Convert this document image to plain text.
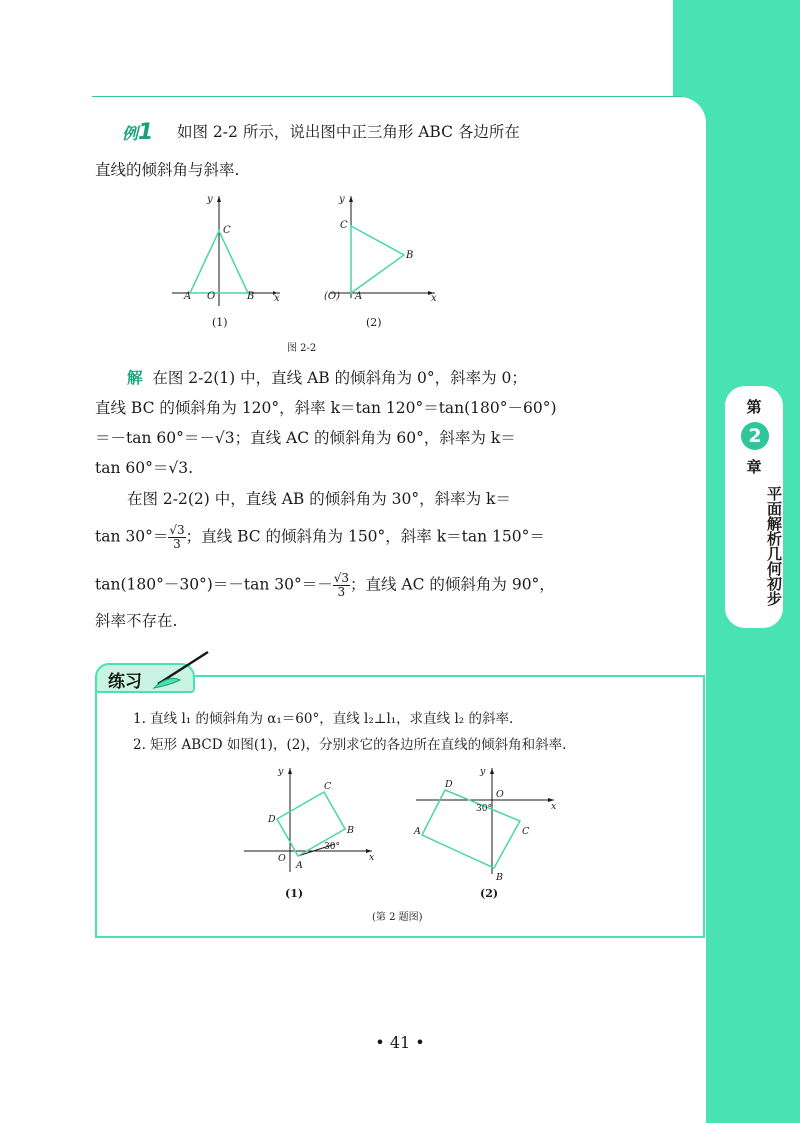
第
2
章
平面解析几何初步
例1 如图 2-2 所示，说出图中正三角形 ABC 各边所在
直线的倾斜角与斜率.
y
x
A O	B
C
y
x
(O) A
B
C
(1)	(2)
图 2-2
解 在图 2-2(1) 中，直线 AB 的倾斜角为 0°，斜率为 0；
直线 BC 的倾斜角为 120°，斜率 k＝tan 120°＝tan(180°－60°)
＝－tan 60°＝－√3；直线 AC 的倾斜角为 60°，斜率为 k＝
tan 60°＝√3.
在图 2-2(2) 中，直线 AB 的倾斜角为 30°，斜率为 k＝
$\tan 30^\circ= \frac{√3}{3}$ ；直线 BC 的倾斜角为 150°，斜率 k＝tan 150°＝
tan(180°－30°)＝－tan $30^\circ=- \frac{√3}{3}$ ；直线 AC 的倾斜角为 90°，
斜率不存在.
练习
1. 直线 l₁ 的倾斜角为 α₁＝60°，直线 l₂⊥l₁，求直线 l₂ 的斜率.
2. 矩形 ABCD 如图(1)，(2)，分别求它的各边所在直线的倾斜角和斜率.
y
x
O
A
B
C
D
y
x
O
D
C
B
A
30°
30°
(1)	(2)
(第 2 题图)
• 41 •
